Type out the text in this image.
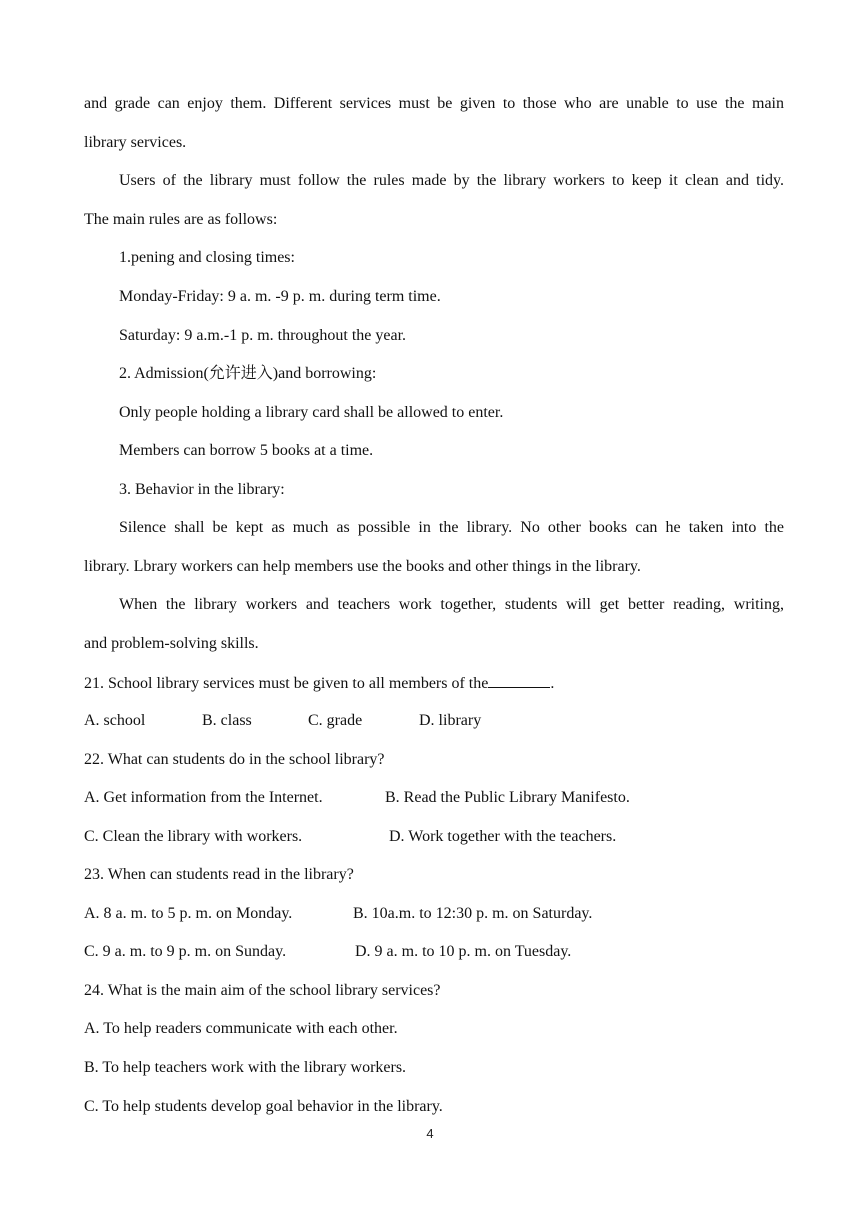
and grade can enjoy them. Different services must be given to those who are unable to use the main
library services.
Users of the library must follow the rules made by the library workers to keep it clean and tidy.
The main rules are as follows:
1.pening and closing times:
Monday-Friday: 9 a. m. -9 p. m. during term time.
Saturday: 9 a.m.-1 p. m. throughout the year.
2. Admission(允许进入)and borrowing:
Only people holding a library card shall be allowed to enter.
Members can borrow 5 books at a time.
3. Behavior in the library:
Silence shall be kept as much as possible in the library. No other books can he taken into the
library. Lbrary workers can help members use the books and other things in the library.
When the library workers and teachers work together, students will get better reading, writing,
and problem-solving skills.
21. School library services must be given to all members of the	.
A. school	B. class	C. grade	D. library
22. What can students do in the school library?
A. Get information from the Internet.	B. Read the Public Library Manifesto.
C. Clean the library with workers.	D. Work together with the teachers.
23. When can students read in the library?
A. 8 a. m. to 5 p. m. on Monday.	B. 10a.m. to 12:30 p. m. on Saturday.
C. 9 a. m. to 9 p. m. on Sunday.	D. 9 a. m. to 10 p. m. on Tuesday.
24. What is the main aim of the school library services?
A. To help readers communicate with each other.
B. To help teachers work with the library workers.
C. To help students develop goal behavior in the library.
4
